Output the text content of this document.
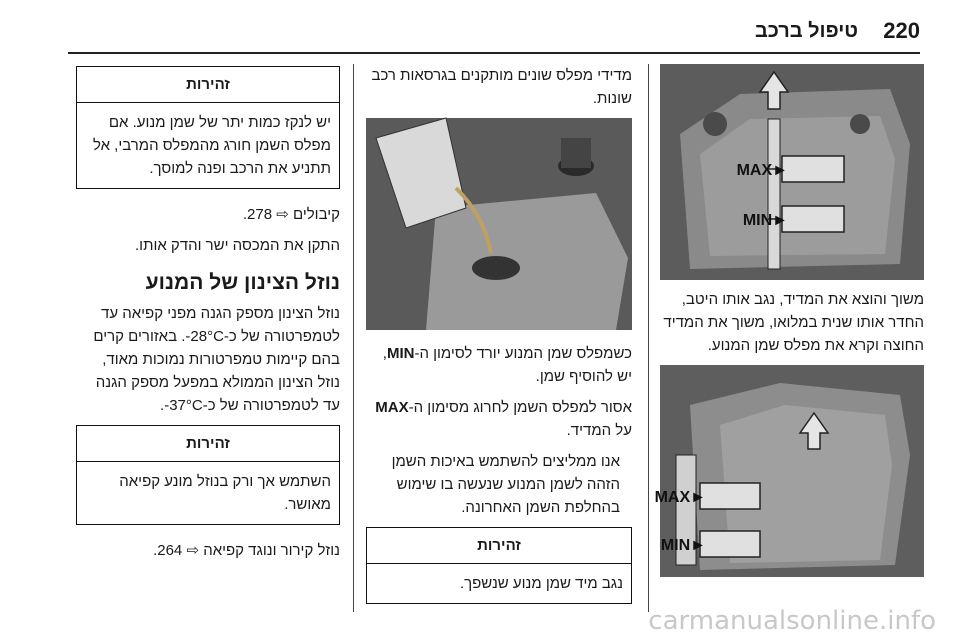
220
טיפול ברכב
►MAX
►MIN

משוך והוצא את המדיד, נגב אותו היטב, החדר אותו שנית במלואו, משוך את המדיד החוצה וקרא את מפלס שמן המנוע.

►MAX
►MIN

מדידי מפלס שונים מותקנים בגרסאות רכב שונות.

כשמפלס שמן המנוע יורד לסימון ה-MIN, יש להוסיף שמן.

אסור למפלס השמן לחרוג מסימון ה-MAX על המדיד.

אנו ממליצים להשתמש באיכות השמן הזהה לשמן המנוע שנעשה בו שימוש בהחלפת השמן האחרונה.

זהירות
נגב מיד שמן מנוע שנשפך.
זהירות
יש לנקז כמות יתר של שמן מנוע. אם מפלס השמן חורג מהמפלס המרבי, אל תתניע את הרכב ופנה למוסך.

קיבולים ⇨ 278.

התקן את המכסה ישר והדק אותו.

נוזל הצינון של המנוע

נוזל הצינון מספק הגנה מפני קפיאה עד לטמפרטורה של כ-28°C-. באזורים קרים בהם קיימות טמפרטורות נמוכות מאוד, נוזל הצינון הממולא במפעל מספק הגנה עד לטמפרטורה של כ-37°C-.

זהירות
השתמש אך ורק בנוזל מונע קפיאה מאושר.

נוזל קירור ונוגד קפיאה ⇨ 264.

carmanualsonline.info
